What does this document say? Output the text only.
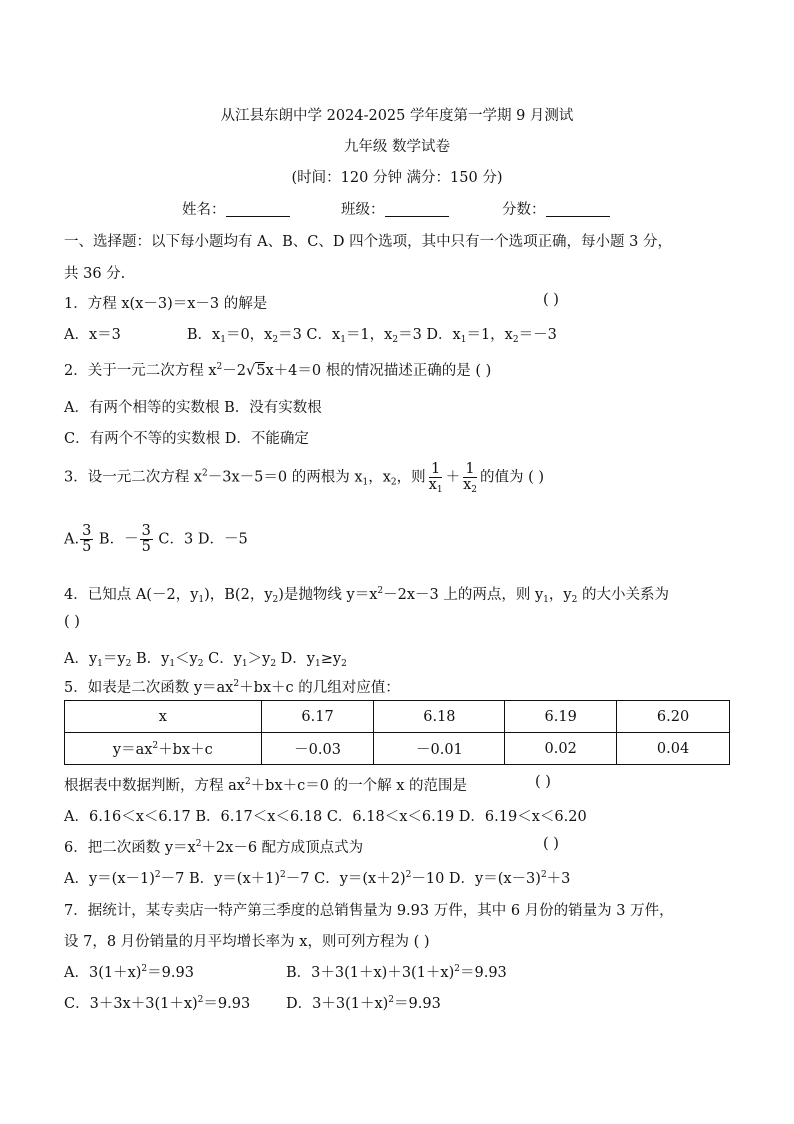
从江县东朗中学 2024-2025 学年度第一学期 9 月测试
九年级 数学试卷
(时间：120 分钟 满分：150 分)
姓名：	班级：	分数：
一、选择题：以下每小题均有 A、B、C、D 四个选项，其中只有一个选项正确，每小题 3 分，
共 36 分.
1．方程 x(x－3)＝x－3 的解是	( )
A．x＝3	B．$x_1=0$，$x_2=3$ C．$x_1=1$，$x_2=3$ D．$x_1=1$，$x_2=-3$
2．关于一元二次方程 $x^2-2√5x+4=0$ 根的情况描述正确的是 ( )
A．有两个相等的实数根 B．没有实数根
C．有两个不等的实数根 D．不能确定
3．设一元二次方程 $x^2-3x-5=0$ 的两根为 $x_1$，$x_2$，则 $\frac{1}{x_1} + \frac{1}{x_2}$ 的值为 ( )
A. $\frac{3}{5}$ B．－ $\frac{3}{5}$ C．3 D．－5
4．已知点 A(－2，$y_1$)，B(2，$y_2$)是抛物线 $y=x^2-2x-3$ 上的两点，则 $y_1$，$y_2$ 的大小关系为
( )
A．$y_1=y_2$ B．$y_1<y_2$ C．$y_1>y_2$ D．$y_1\ge y_2$
5．如表是二次函数 $y=ax^2+bx+c$ 的几组对应值：
x	6.17	6.18	6.19	6.20
$y=ax^2+bx+c$	－0.03	－0.01	0.02	0.04
根据表中数据判断，方程 $ax^2+bx+c=0$ 的一个解 x 的范围是	( )
A．6.16＜x＜6.17 B．6.17＜x＜6.18 C．6.18＜x＜6.19 D．6.19＜x＜6.20
6．把二次函数 $y=x^2+2x-6$ 配方成顶点式为	( )
A．$y=(x-1)^2-7$ B．$y=(x+1)^2-7$ C．$y=(x+2)^2-10$ D．$y=(x-3)^2+3$
7．据统计，某专卖店一特产第三季度的总销售量为 9.93 万件，其中 6 月份的销量为 3 万件，
设 7，8 月份销量的月平均增长率为 x，则可列方程为 ( )
A．$3(1+x)^2=9.93$	B．$3+3(1+x)+3(1+x)^2=9.93$
C．$3+3x+3(1+x)^2=9.93$ D．$3+3(1+x)^2=9.93$
